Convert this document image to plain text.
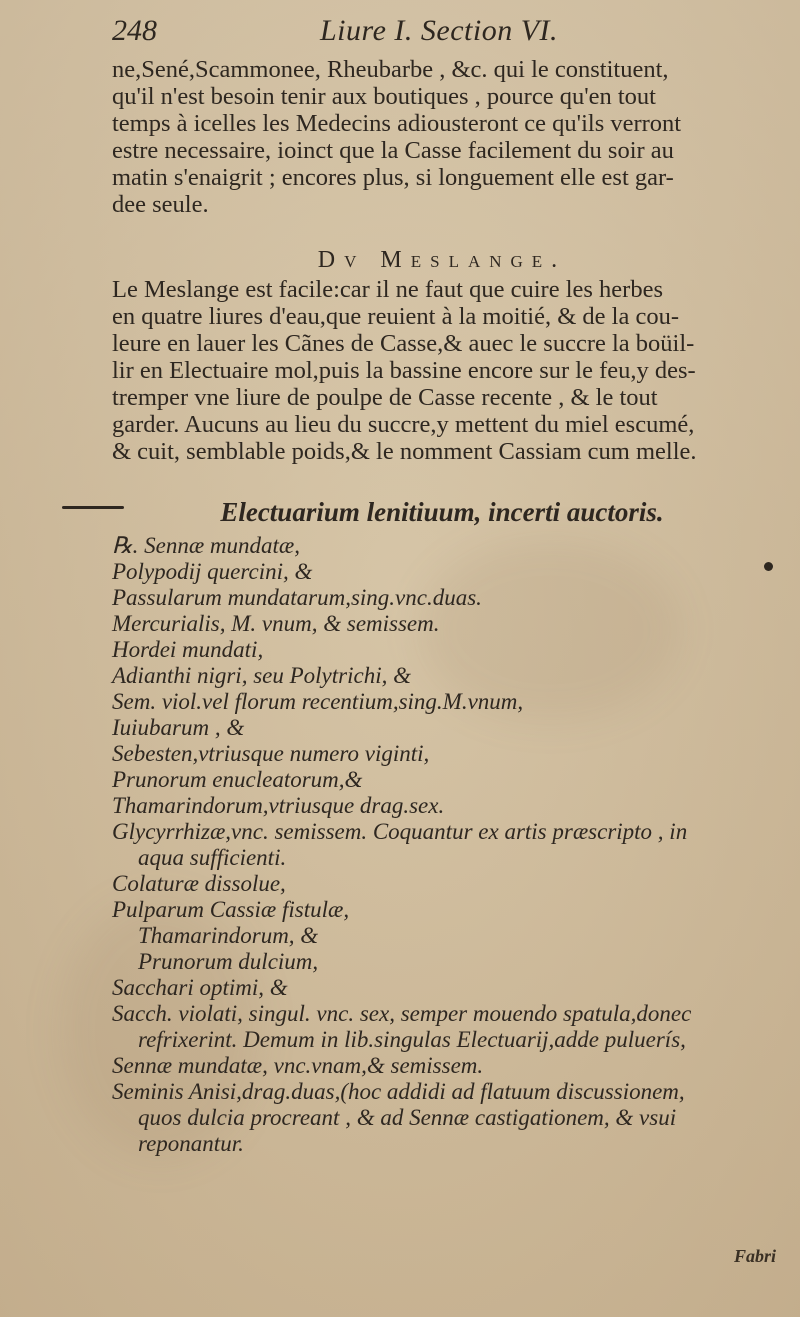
248	Liure I. Section VI.
ne,Sené,Scammonee, Rheubarbe , &c. qui le constituent,
qu'il n'est besoin tenir aux boutiques , pource qu'en tout
temps à icelles les Medecins adiousteront ce qu'ils verront
estre necessaire, ioinct que la Casse facilement du soir au
matin s'enaigrit ; encores plus, si longuement elle est gar-
dee seule.
Dv Meslange.
Le Meslange est facile:car il ne faut que cuire les herbes
en quatre liures d'eau,que reuient à la moitié, & de la cou-
leure en lauer les Cãnes de Casse,& auec le succre la boüil-
lir en Electuaire mol,puis la bassine encore sur le feu,y des-
tremper vne liure de poulpe de Casse recente , & le tout
garder. Aucuns au lieu du succre,y mettent du miel escumé,
& cuit, semblable poids,& le nomment Cassiam cum melle.
Electuarium lenitiuum, incerti auctoris.
℞. Sennæ mundatæ,
Polypodij quercini, &
Passularum mundatarum,sing.vnc.duas.
Mercurialis, M. vnum, & semissem.
Hordei mundati,
Adianthi nigri, seu Polytrichi, &
Sem. viol.vel florum recentium,sing.M.vnum,
Iuiubarum , &
Sebesten,vtriusque numero viginti,
Prunorum enucleatorum,&
Thamarindorum,vtriusque drag.sex.
Glycyrrhizæ,vnc. semissem. Coquantur ex artis præscripto , in
aqua sufficienti.
Colaturæ dissolue,
Pulparum Cassiæ fistulæ,
Thamarindorum, &
Prunorum dulcium,
Sacchari optimi, &
Sacch. violati, singul. vnc. sex, semper mouendo spatula,donec
refrixerint. Demum in lib.singulas Electuarij,adde puluerís,
Sennæ mundatæ, vnc.vnam,& semissem.
Seminis Anisi,drag.duas,(hoc addidi ad flatuum discussionem,
quos dulcia procreant , & ad Sennæ castigationem, & vsui
reponantur.
Fabri
